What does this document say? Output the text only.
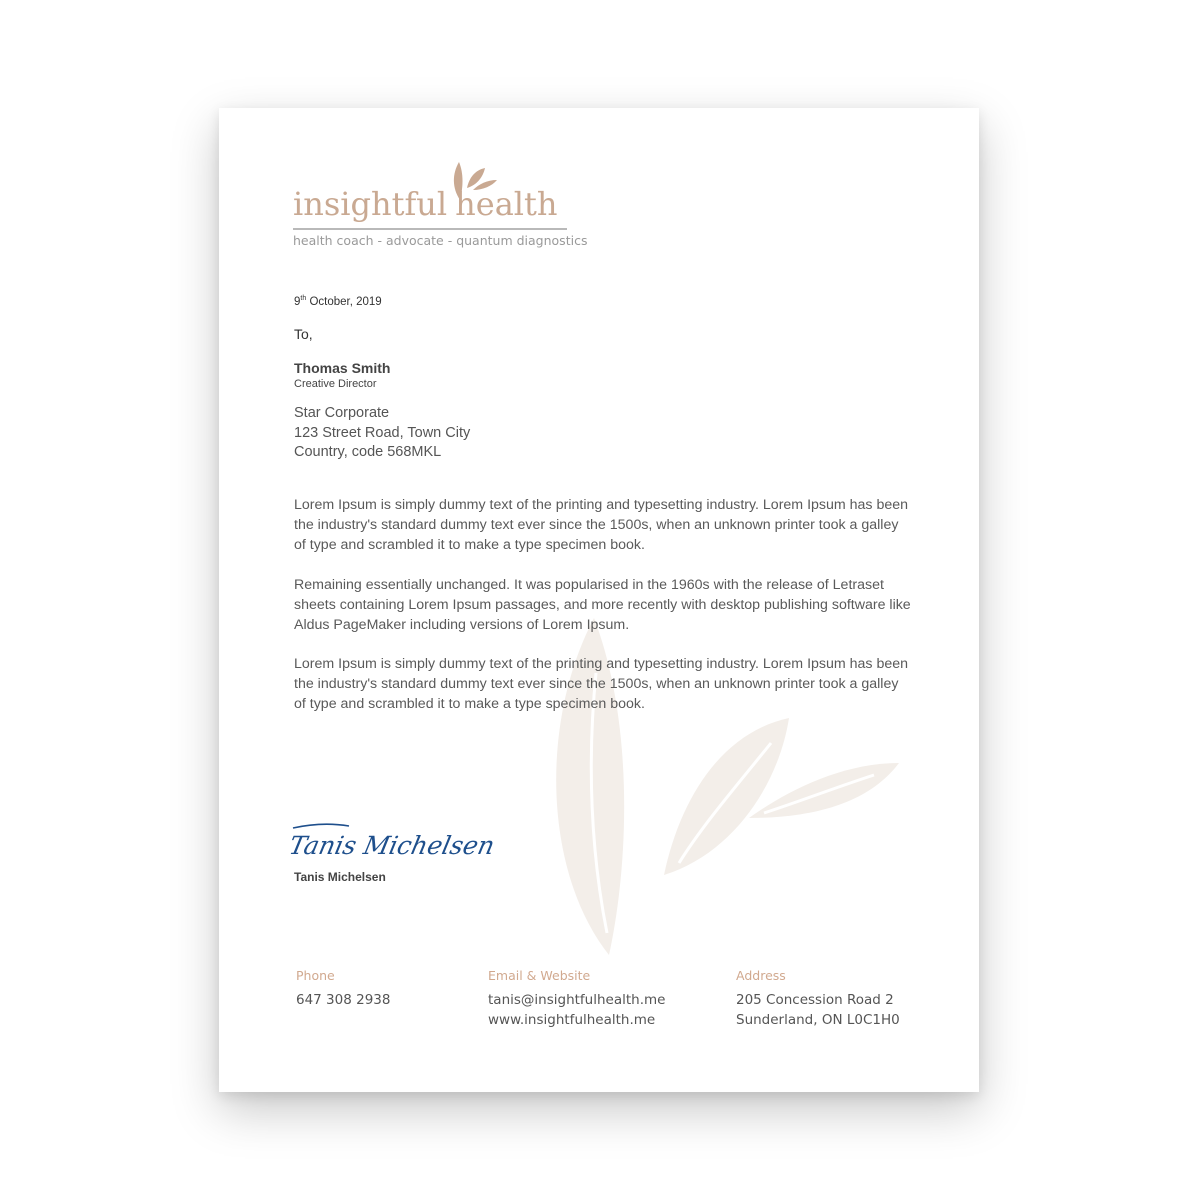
insightful health
health coach - advocate - quantum diagnostics
9th October, 2019
To,
Thomas Smith
Creative Director
Star Corporate
123 Street Road, Town City
Country, code 568MKL

Lorem Ipsum is simply dummy text of the printing and typesetting industry. Lorem Ipsum has been the industry's standard dummy text ever since the 1500s, when an unknown printer took a galley of type and scrambled it to make a type specimen book.

Remaining essentially unchanged. It was popularised in the 1960s with the release of Letraset sheets containing Lorem Ipsum passages, and more recently with desktop publishing software like Aldus PageMaker including versions of Lorem Ipsum.

Lorem Ipsum is simply dummy text of the printing and typesetting industry. Lorem Ipsum has been the industry's standard dummy text ever since the 1500s, when an unknown printer took a galley of type and scrambled it to make a type specimen book.

Tanis Michelsen
Tanis Michelsen
Phone
647 308 2938
Email & Website
tanis@insightfulhealth.me
www.insightfulhealth.me
Address
205 Concession Road 2
Sunderland, ON L0C1H0
